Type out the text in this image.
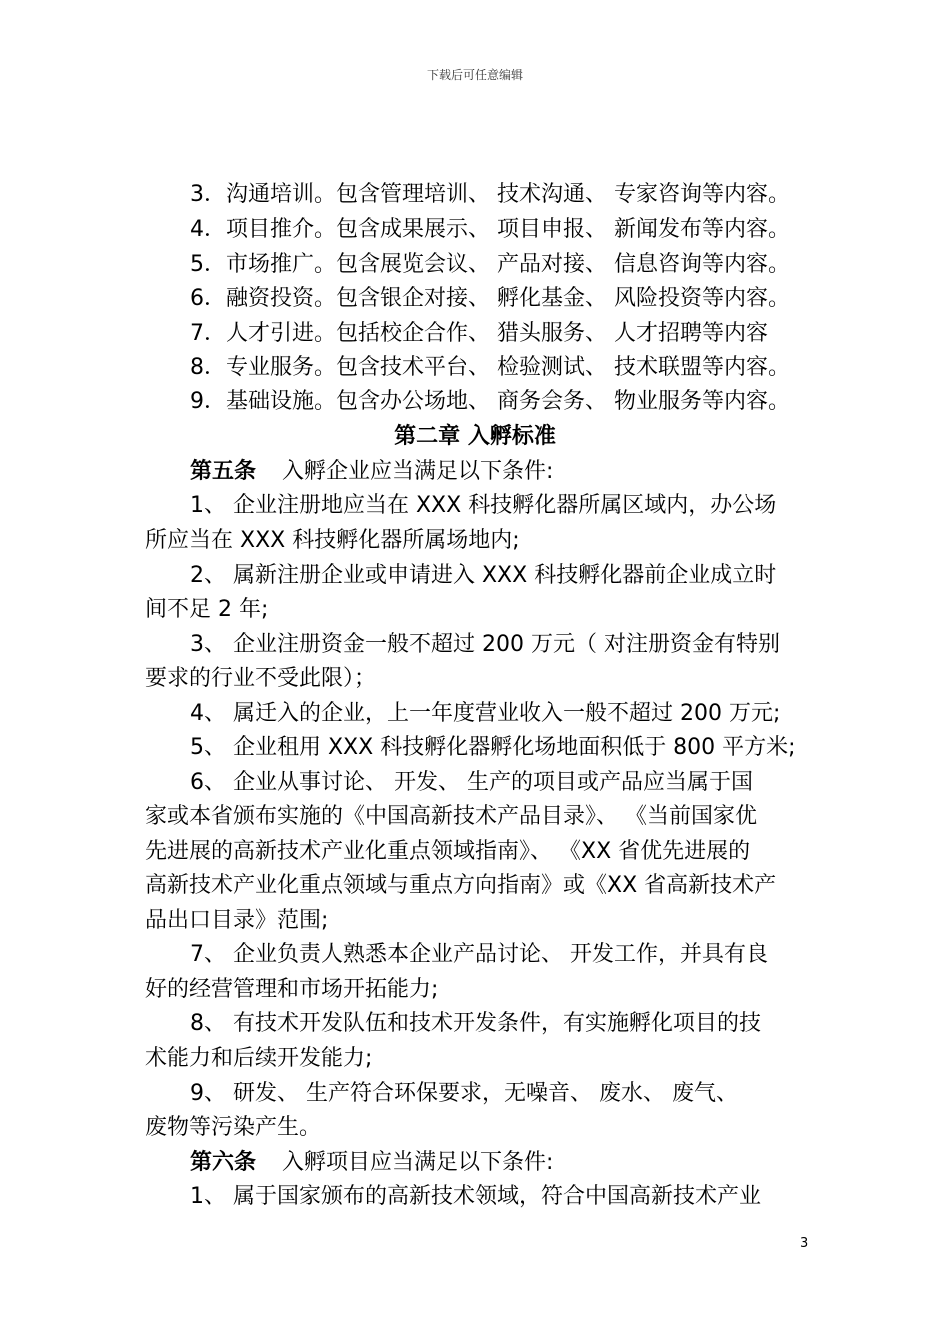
下载后可任意编辑
3．沟通培训。包含管理培训、 技术沟通、 专家咨询等内容。
4．项目推介。包含成果展示、 项目申报、 新闻发布等内容。
5．市场推广。包含展览会议、 产品对接、 信息咨询等内容。
6．融资投资。包含银企对接、 孵化基金、 风险投资等内容。
7．人才引进。包括校企合作、 猎头服务、 人才招聘等内容
8．专业服务。包含技术平台、 检验测试、 技术联盟等内容。
9．基础设施。包含办公场地、 商务会务、 物业服务等内容。
第二章 入孵标准
第五条 入孵企业应当满足以下条件:
1、 企业注册地应当在 XXX 科技孵化器所属区域内，办公场
所应当在 XXX 科技孵化器所属场地内;
2、 属新注册企业或申请进入 XXX 科技孵化器前企业成立时
间不足 2 年;
3、 企业注册资金一般不超过 200 万元（ 对注册资金有特别
要求的行业不受此限）；
4、 属迁入的企业，上一年度营业收入一般不超过 200 万元;
5、 企业租用 XXX 科技孵化器孵化场地面积低于 800 平方米;
6、 企业从事讨论、 开发、 生产的项目或产品应当属于国
家或本省颁布实施的《中国高新技术产品目录》、 《当前国家优
先进展的高新技术产业化重点领域指南》、 《XX 省优先进展的
高新技术产业化重点领域与重点方向指南》或《XX 省高新技术产
品出口目录》范围;
7、 企业负责人熟悉本企业产品讨论、 开发工作，并具有良
好的经营管理和市场开拓能力;
8、 有技术开发队伍和技术开发条件，有实施孵化项目的技
术能力和后续开发能力;
9、 研发、 生产符合环保要求，无噪音、 废水、 废气、
废物等污染产生。
第六条 入孵项目应当满足以下条件:
1、 属于国家颁布的高新技术领域，符合中国高新技术产业
3
